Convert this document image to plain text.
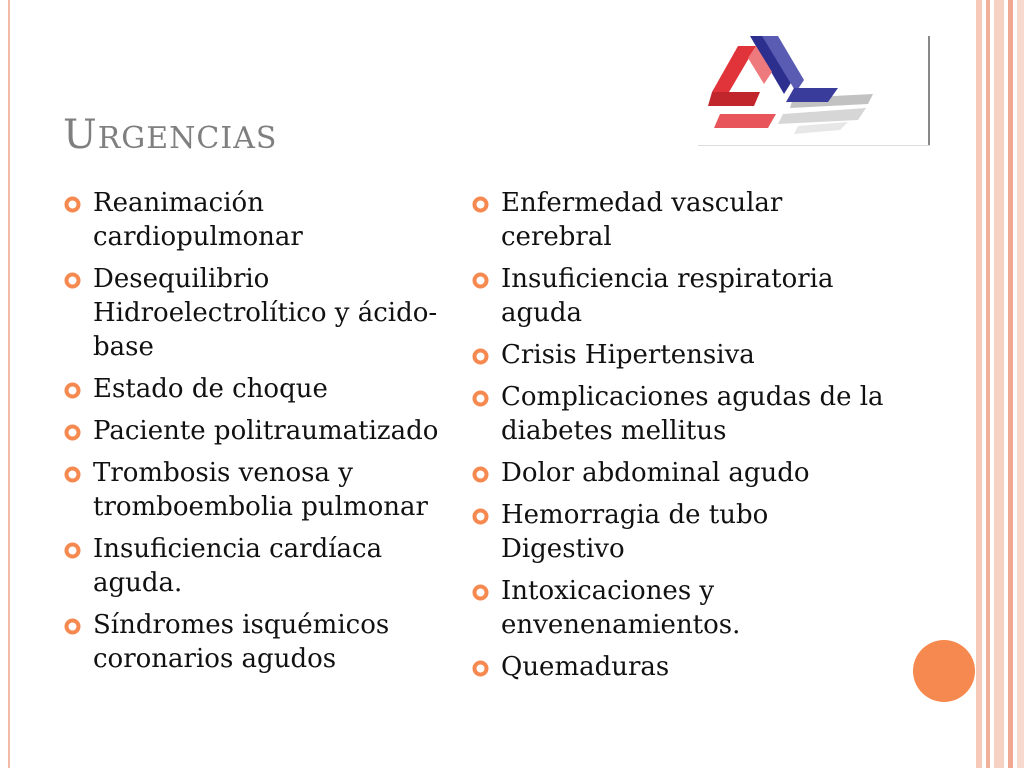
URGENCIAS
Reanimación cardiopulmonar
Desequilibrio Hidroelectrolítico y ácido-base
Estado de choque
Paciente politraumatizado
Trombosis venosa y tromboembolia pulmonar
Insuficiencia cardíaca aguda.
Síndromes isquémicos coronarios agudos
Enfermedad vascular cerebral
Insuficiencia respiratoria aguda
Crisis Hipertensiva
Complicaciones agudas de la diabetes mellitus
Dolor abdominal agudo
Hemorragia de tubo Digestivo
Intoxicaciones y envenenamientos.
Quemaduras
